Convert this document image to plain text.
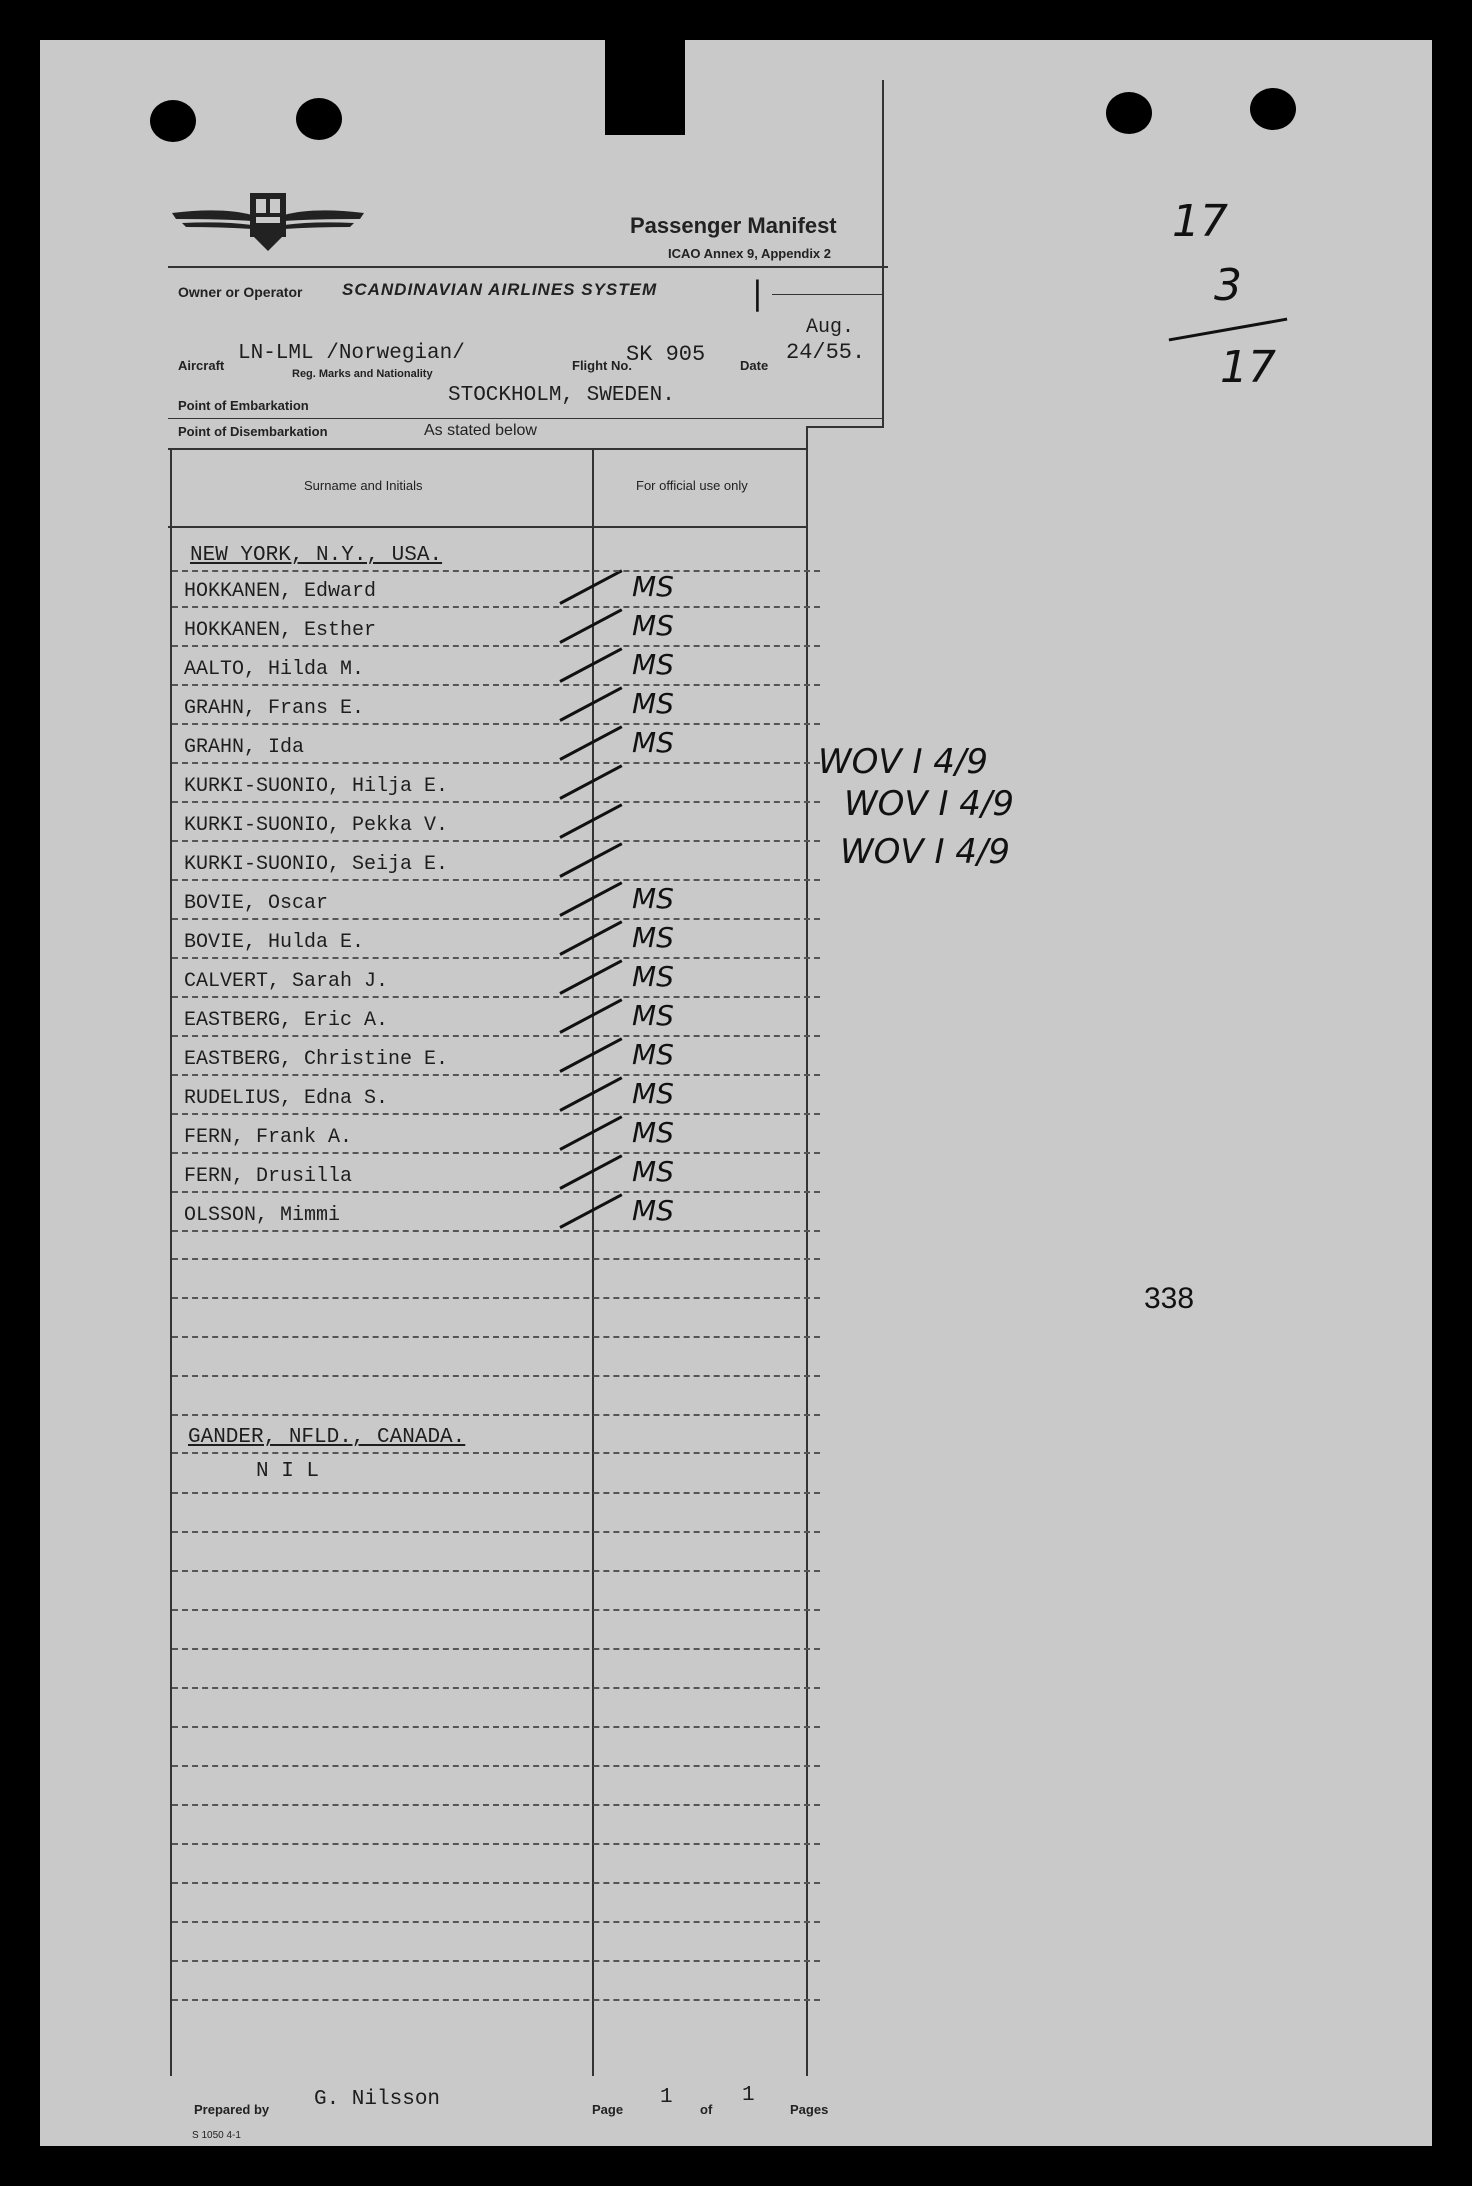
Passenger Manifest
ICAO Annex 9, Appendix 2
Owner or Operator SCANDINAVIAN AIRLINES SYSTEM	|
Aircraft
LN-LML /Norwegian/
Reg. Marks and Nationality
Flight No.
SK 905	Date
Aug.
24/55.
Point of Embarkation	STOCKHOLM, SWEDEN.
Point of Disembarkation	As stated below
Surname and Initials	For official use only
NEW YORK, N.Y., USA.
HOKKANEN, Edward	MS
HOKKANEN, Esther	MS
AALTO, Hilda M.	MS
GRAHN, Frans E.	MS
GRAHN, Ida	MS
KURKI-SUONIO, Hilja E.
KURKI-SUONIO, Pekka V.
KURKI-SUONIO, Seija E.
BOVIE, Oscar	MS
BOVIE, Hulda E.	MS
CALVERT, Sarah J.	MS
EASTBERG, Eric A.	MS
EASTBERG, Christine E.	MS
RUDELIUS, Edna S.	MS
FERN, Frank A.	MS
FERN, Drusilla	MS
OLSSON, Mimmi	MS
GANDER, NFLD., CANADA.
N I L
17
3
17
WOV I 4/9
WOV I 4/9
WOV I 4/9
338
Prepared by G. Nilsson	Page
1
of
1
Pages
S 1050 4-1
